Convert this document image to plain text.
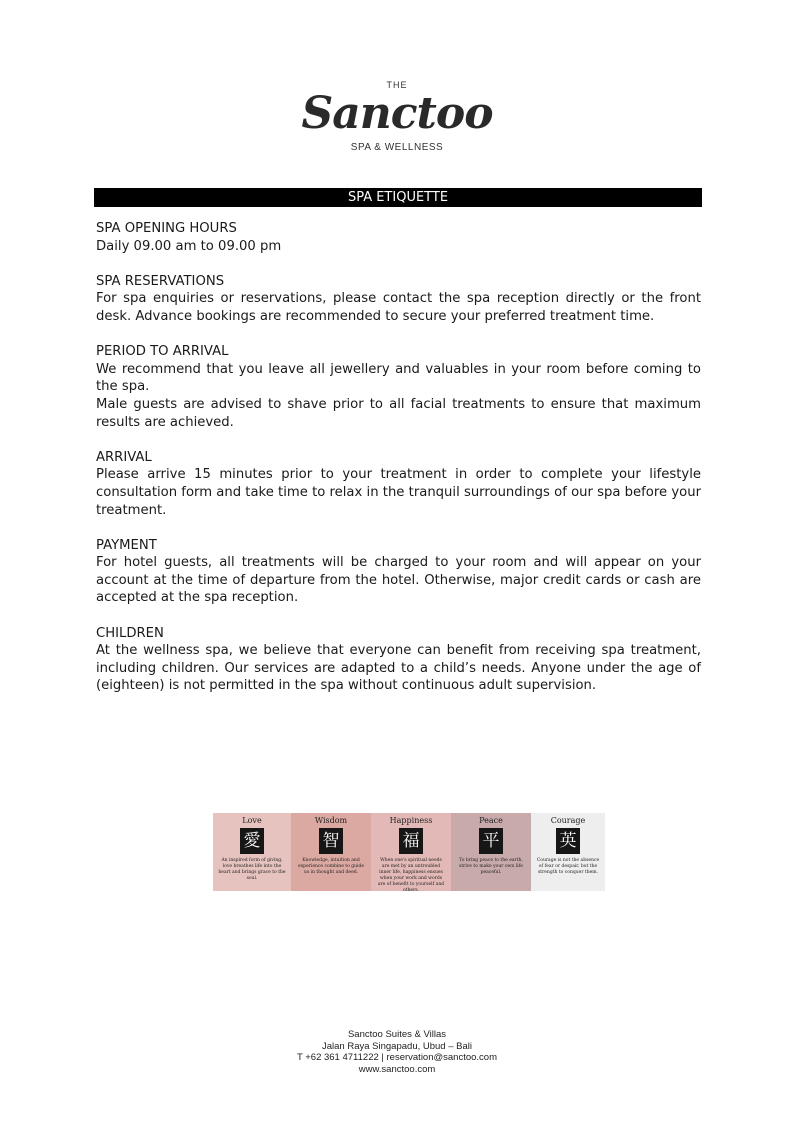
THE
Sanctoo
SPA & WELLNESS
SPA ETIQUETTE
SPA OPENING HOURS

Daily 09.00 am to 09.00 pm

SPA RESERVATIONS

For spa enquiries or reservations, please contact the spa reception directly or the front desk. Advance bookings are recommended to secure your preferred treatment time.

PERIOD TO ARRIVAL

We recommend that you leave all jewellery and valuables in your room before coming to the spa.

Male guests are advised to shave prior to all facial treatments to ensure that maximum results are achieved.

ARRIVAL

Please arrive 15 minutes prior to your treatment in order to complete your lifestyle consultation form and take time to relax in the tranquil surroundings of our spa before your treatment.

PAYMENT

For hotel guests, all treatments will be charged to your room and will appear on your account at the time of departure from the hotel. Otherwise, major credit cards or cash are accepted at the spa reception.

CHILDREN

At the wellness spa, we believe that everyone can benefit from receiving spa treatment, including children. Our services are adapted to a child’s needs. Anyone under the age of (eighteen) is not permitted in the spa without continuous adult supervision.

Love
愛
An inspired form of giving, love breathes life into the heart and brings grace to the soul.
Wisdom
智
Knowledge, intuition and experience combine to guide us in thought and deed.
Happiness
福
When one's spiritual needs are met by an untroubled inner life, happiness ensues when your work and words are of benefit to yourself and others.
Peace
平
To bring peace to the earth, strive to make your own life peaceful.
Courage
英
Courage is not the absence of fear or despair, but the strength to conquer them.
Sanctoo Suites & Villas
Jalan Raya Singapadu, Ubud – Bali
T +62 361 4711222 | reservation@sanctoo.com
www.sanctoo.com
